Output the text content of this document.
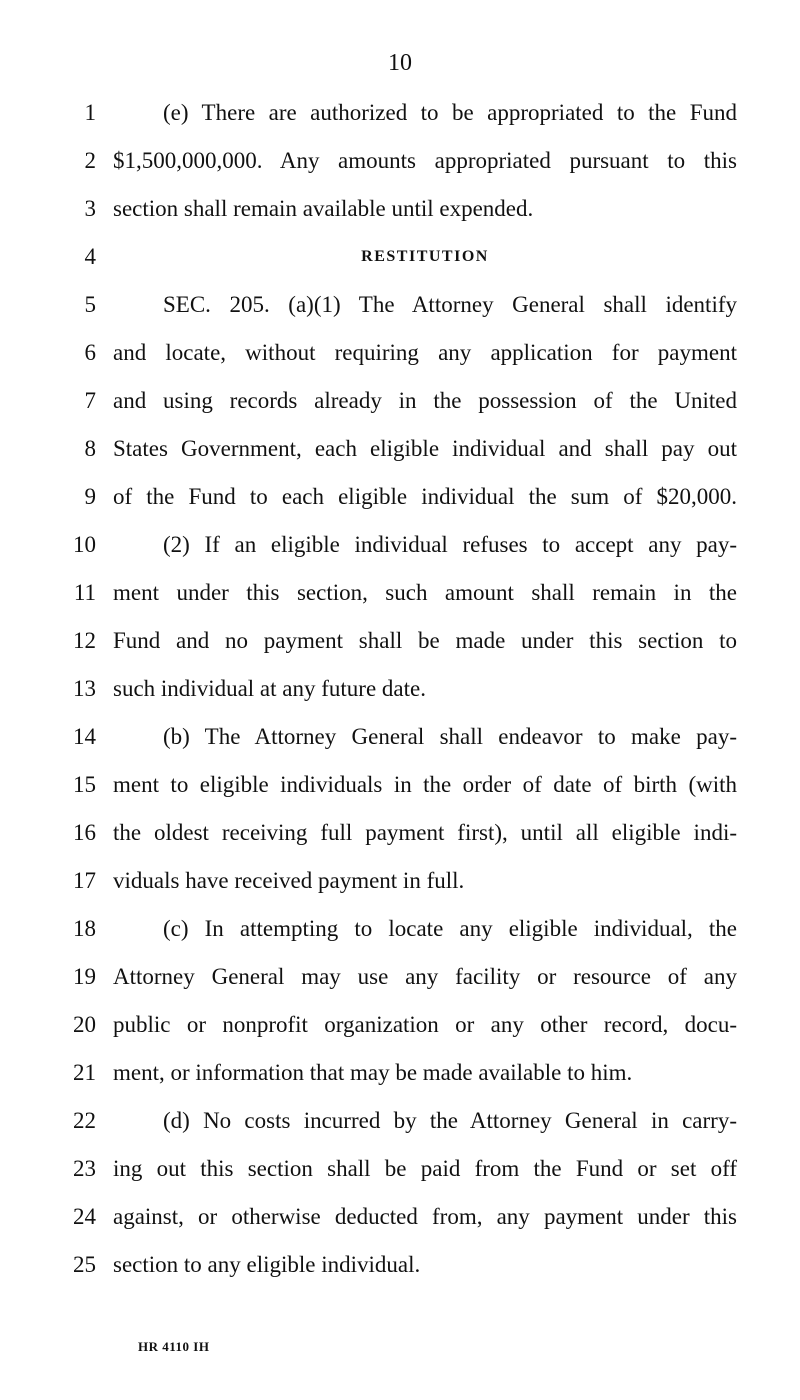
10
1	(e) There are authorized to be appropriated to the Fund
2 $1,500,000,000. Any amounts appropriated pursuant to this
3 section shall remain available until expended.
4	RESTITUTION
5	SEC. 205. (a)(1) The Attorney General shall identify
6 and locate, without requiring any application for payment
7 and using records already in the possession of the United
8 States Government, each eligible individual and shall pay out
9 of the Fund to each eligible individual the sum of $20,000.
10	(2) If an eligible individual refuses to accept any pay-
11 ment under this section, such amount shall remain in the
12 Fund and no payment shall be made under this section to
13 such individual at any future date.
14	(b) The Attorney General shall endeavor to make pay-
15 ment to eligible individuals in the order of date of birth (with
16 the oldest receiving full payment first), until all eligible indi-
17 viduals have received payment in full.
18	(c) In attempting to locate any eligible individual, the
19 Attorney General may use any facility or resource of any
20 public or nonprofit organization or any other record, docu-
21 ment, or information that may be made available to him.
22	(d) No costs incurred by the Attorney General in carry-
23 ing out this section shall be paid from the Fund or set off
24 against, or otherwise deducted from, any payment under this
25 section to any eligible individual.
HR 4110 IH
